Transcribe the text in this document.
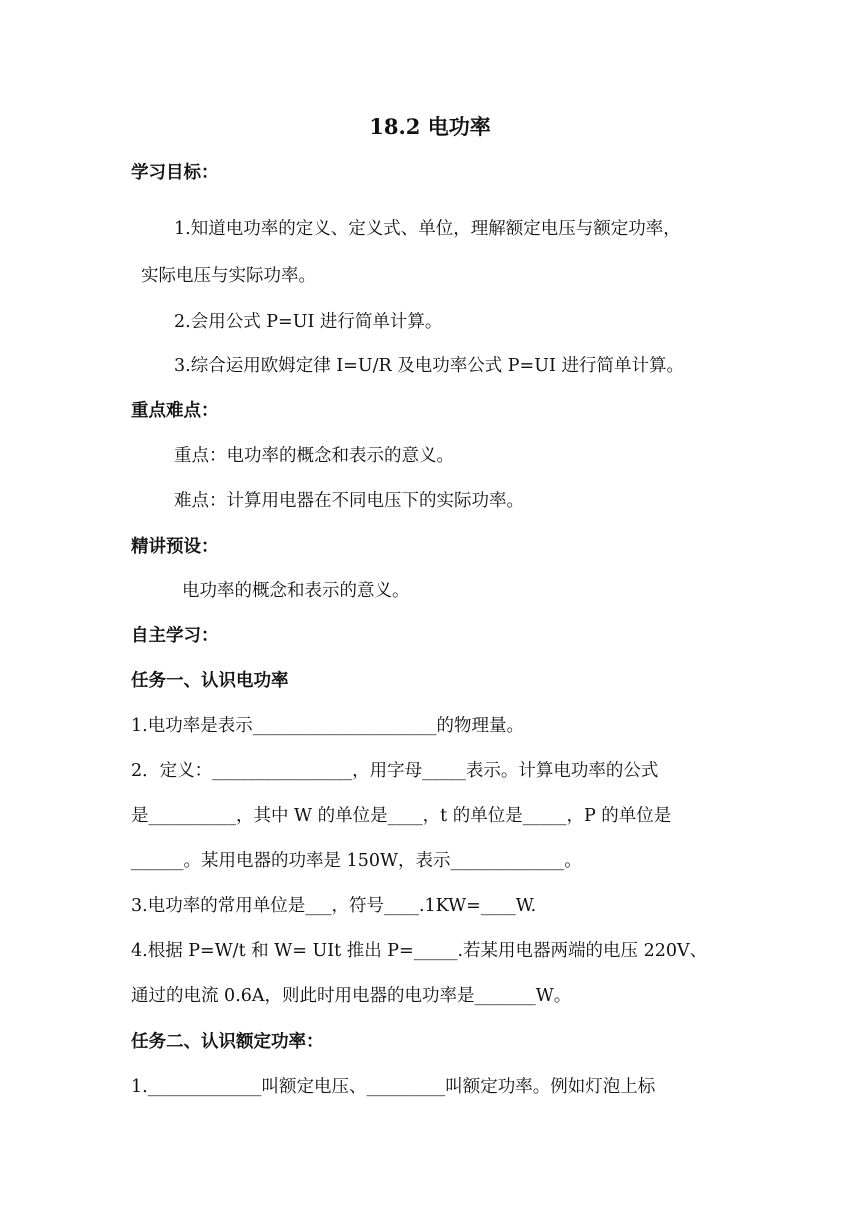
18.2 电功率
学习目标：
1.知道电功率的定义、定义式、单位，理解额定电压与额定功率，
实际电压与实际功率。
2.会用公式 P=UI 进行简单计算。
3.综合运用欧姆定律 I=U/R 及电功率公式 P=UI 进行简单计算。
重点难点：
重点：电功率的概念和表示的意义。
难点：计算用电器在不同电压下的实际功率。
精讲预设：
电功率的概念和表示的意义。
自主学习：
任务一、认识电功率
1.电功率是表示_____________________的物理量。
2．定义：________________，用字母_____表示。计算电功率的公式
是__________，其中 W 的单位是____，t 的单位是_____，P 的单位是
______。某用电器的功率是 150W，表示_____________。
3.电功率的常用单位是___，符号____.1KW=____W.
4.根据 P=W/t 和 W= UIt 推出 P=_____.若某用电器两端的电压 220V、
通过的电流 0.6A，则此时用电器的电功率是_______W。
任务二、认识额定功率：
1._____________叫额定电压、_________叫额定功率。例如灯泡上标
